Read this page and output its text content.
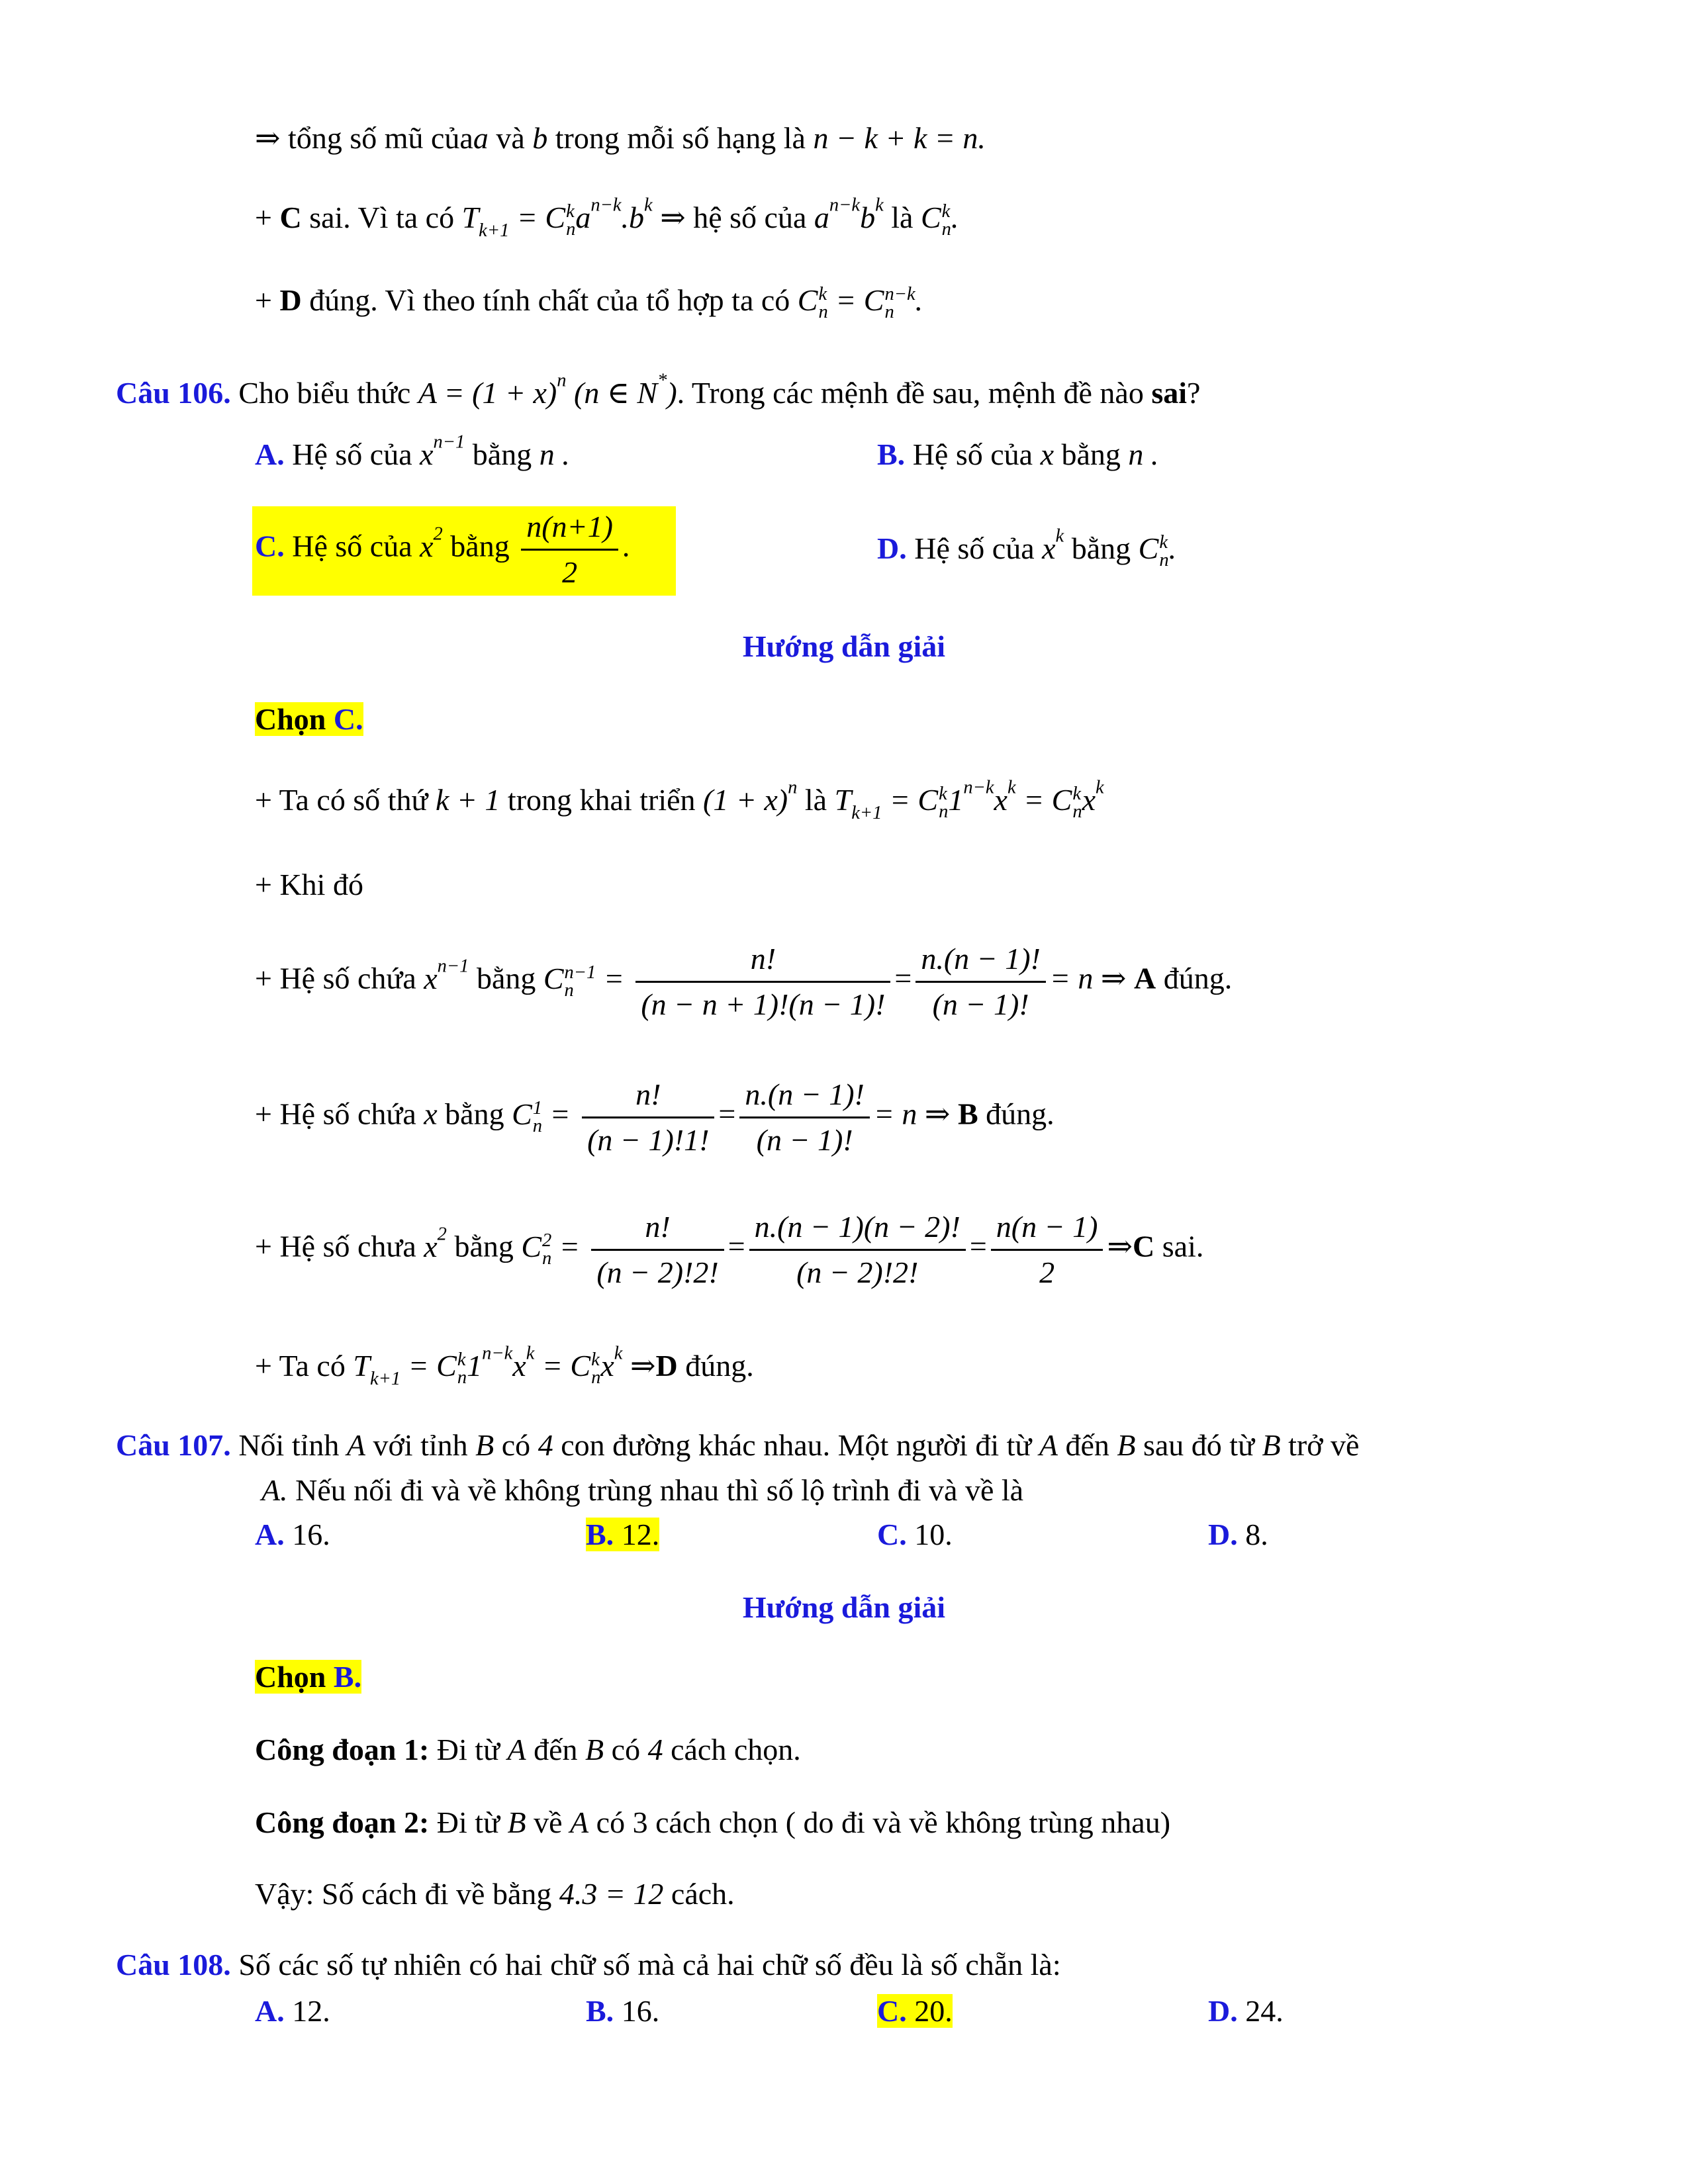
⇒ tổng số mũ củaa và b trong mỗi số hạng là n − k + k = n.
+ C sai. Vì ta có $T_{k+1} = C$ k
n $a^{n-k}.b^k$ ⇒ hệ số của $a^{n-k}b^k$ là C k
n .
+ D đúng. Vì theo tính chất của tổ hợp ta có C k
n = C n−k
n .
Câu 106. Cho biểu thức $A = (1 + x)^n$ (n ∈ N*). Trong các mệnh đề sau, mệnh đề nào sai?
A. Hệ số của $x^{n-1}$ bằng n .	B. Hệ số của x bằng n .
C. Hệ số của $x^2$ bằng $\frac{n(n+1)}{2}$ .	D. Hệ số của $x^k$ bằng C k
n .
Hướng dẫn giải
Chọn C.
+ Ta có số thứ k + 1 trong khai triển $(1 + x)^n$ là $T_{k+1} = C$ k
n $1^{n-k}x^k = C$ k
n $x^k$
+ Khi đó
+ Hệ số chứa $x^{n-1}$ bằng C n−1
$n = \frac{n!}{(n - n + 1)!(n - 1)!} = \frac{n.(n - 1)!}{(n - 1)!} = n$ ⇒ A đúng.
+ Hệ số chứa x bằng C 1
$n = \frac{n!}{(n - 1)!1!} = \frac{n.(n - 1)!}{(n - 1)!} = n$ ⇒ B đúng.
+ Hệ số chưa $x^2$ bằng C 2
$n = \frac{n!}{(n - 2)!2!} = \frac{n.(n - 1)(n - 2)!}{(n - 2)!2!} = \frac{n(n - 1)}{2}$ ⇒C sai.
+ Ta có $T_{k+1} = C$ k
n $1^{n-k}x^k = C$ k
n $x^k$ ⇒D đúng.
Câu 107. Nối tỉnh A với tỉnh B có 4 con đường khác nhau. Một người đi từ A đến B sau đó từ B trở về
A. Nếu nối đi và về không trùng nhau thì số lộ trình đi và về là
A. 16.	B. 12.	C. 10.	D. 8.
Hướng dẫn giải
Chọn B.
Công đoạn 1: Đi từ A đến B có 4 cách chọn.
Công đoạn 2: Đi từ B về A có 3 cách chọn ( do đi và về không trùng nhau)
Vậy: Số cách đi về bằng 4.3 = 12 cách.
Câu 108. Số các số tự nhiên có hai chữ số mà cả hai chữ số đều là số chẵn là:
A. 12.	B. 16.	C. 20.	D. 24.
